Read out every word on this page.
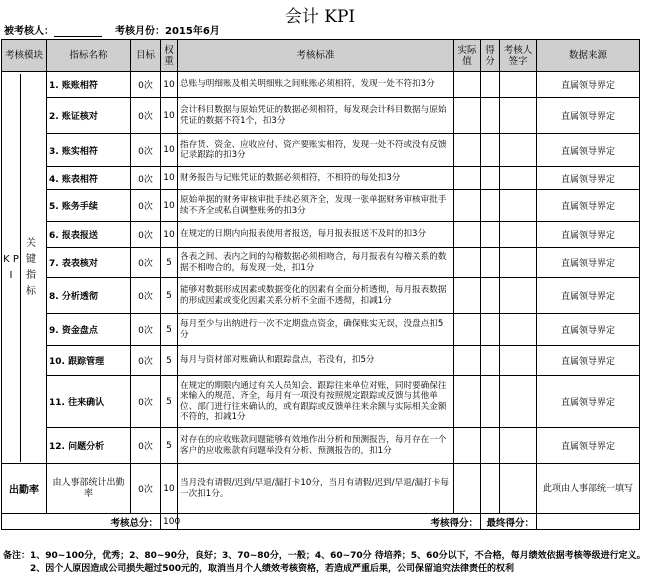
会计 KPI
被考核人：	考核月份：2015年6月
考核模块	指标名称	目标	权重	考核标准	实际值	得分	考核人签字	数据来源

K P I
关
键
指
标	1. 账账相符	0次	10	总账与明细账及相关明细账之间账账必须相符，发现一处不符扣3分				直属领导界定
	2. 账证核对	0次	10	会计科目数据与原始凭证的数据必须相符，每发现会计科目数据与原始凭证的数据不符1个，扣3分				直属领导界定
	3. 账实相符	0次	10	指存货、资金、应收应付、资产要账实相符，发现一处不符或没有反馈记录跟踪的扣3分				直属领导界定
	4. 账表相符	0次	10	财务报告与记账凭证的数据必须相符，不相符的每处扣3分				直属领导界定
	5. 账务手续	0次	10	原始单据的财务审核审批手续必须齐全，发现一张单据财务审核审批手续不齐全或私自调整账务的扣3分				直属领导界定
	6. 报表报送	0次	10	在规定的日期内向报表使用者报送，每月报表报送不及时的扣3分				直属领导界定
	7. 表表核对	0次	5	各表之间、表内之间的勾稽数据必须相吻合，每月报表有勾稽关系的数据不相吻合的，每发现一处，扣1分				直属领导界定
	8. 分析透彻	0次	5	能够对数据形成因素或数据变化的因素有全面分析透彻，每月报表数据的形成因素或变化因素关系分析不全面不透彻，扣减1分				直属领导界定
	9. 资金盘点	0次	5	每月至少与出纳进行一次不定期盘点资金，确保账实无误，没盘点扣5分				直属领导界定
	10. 跟踪管理	0次	5	每月与资材部对账确认和跟踪盘点，若没有，扣5分				直属领导界定
	11. 往来确认	0次	5	在规定的期限内通过有关人员知会、跟踪往来单位对账，同时要确保往来输入的规范、齐全，每月有一项没有按照规定跟踪或反馈与其他单位、部门进行往来确认的，或有跟踪或反馈单往来余额与实际相关金额不符的，扣减1分				直属领导界定
	12. 问题分析	0次	5	对存在的应收账款问题能够有效地作出分析和预测报告，每月存在一个客户的应收账款有问题举没有分析、预测报告的，扣1分				直属领导界定
出勤率	由人事部统计出勤率	0次	10	当月没有请假/迟到/早退/漏打卡10分，当月有请假/迟到/早退/漏打卡每一次扣1分。				此项由人事部统一填写
考核总分：			100	考核得分：		最终得分：		
备注：1、90~100分，优秀；2、80~90分，良好；3、70~80分，一般；4、60~70分 待培养；5、60分以下，不合格，每月绩效依据考核等级进行定义。
　　　2、因个人原因造成公司损失超过500元的，取消当月个人绩效考核资格，若造成严重后果，公司保留追究法律责任的权利
